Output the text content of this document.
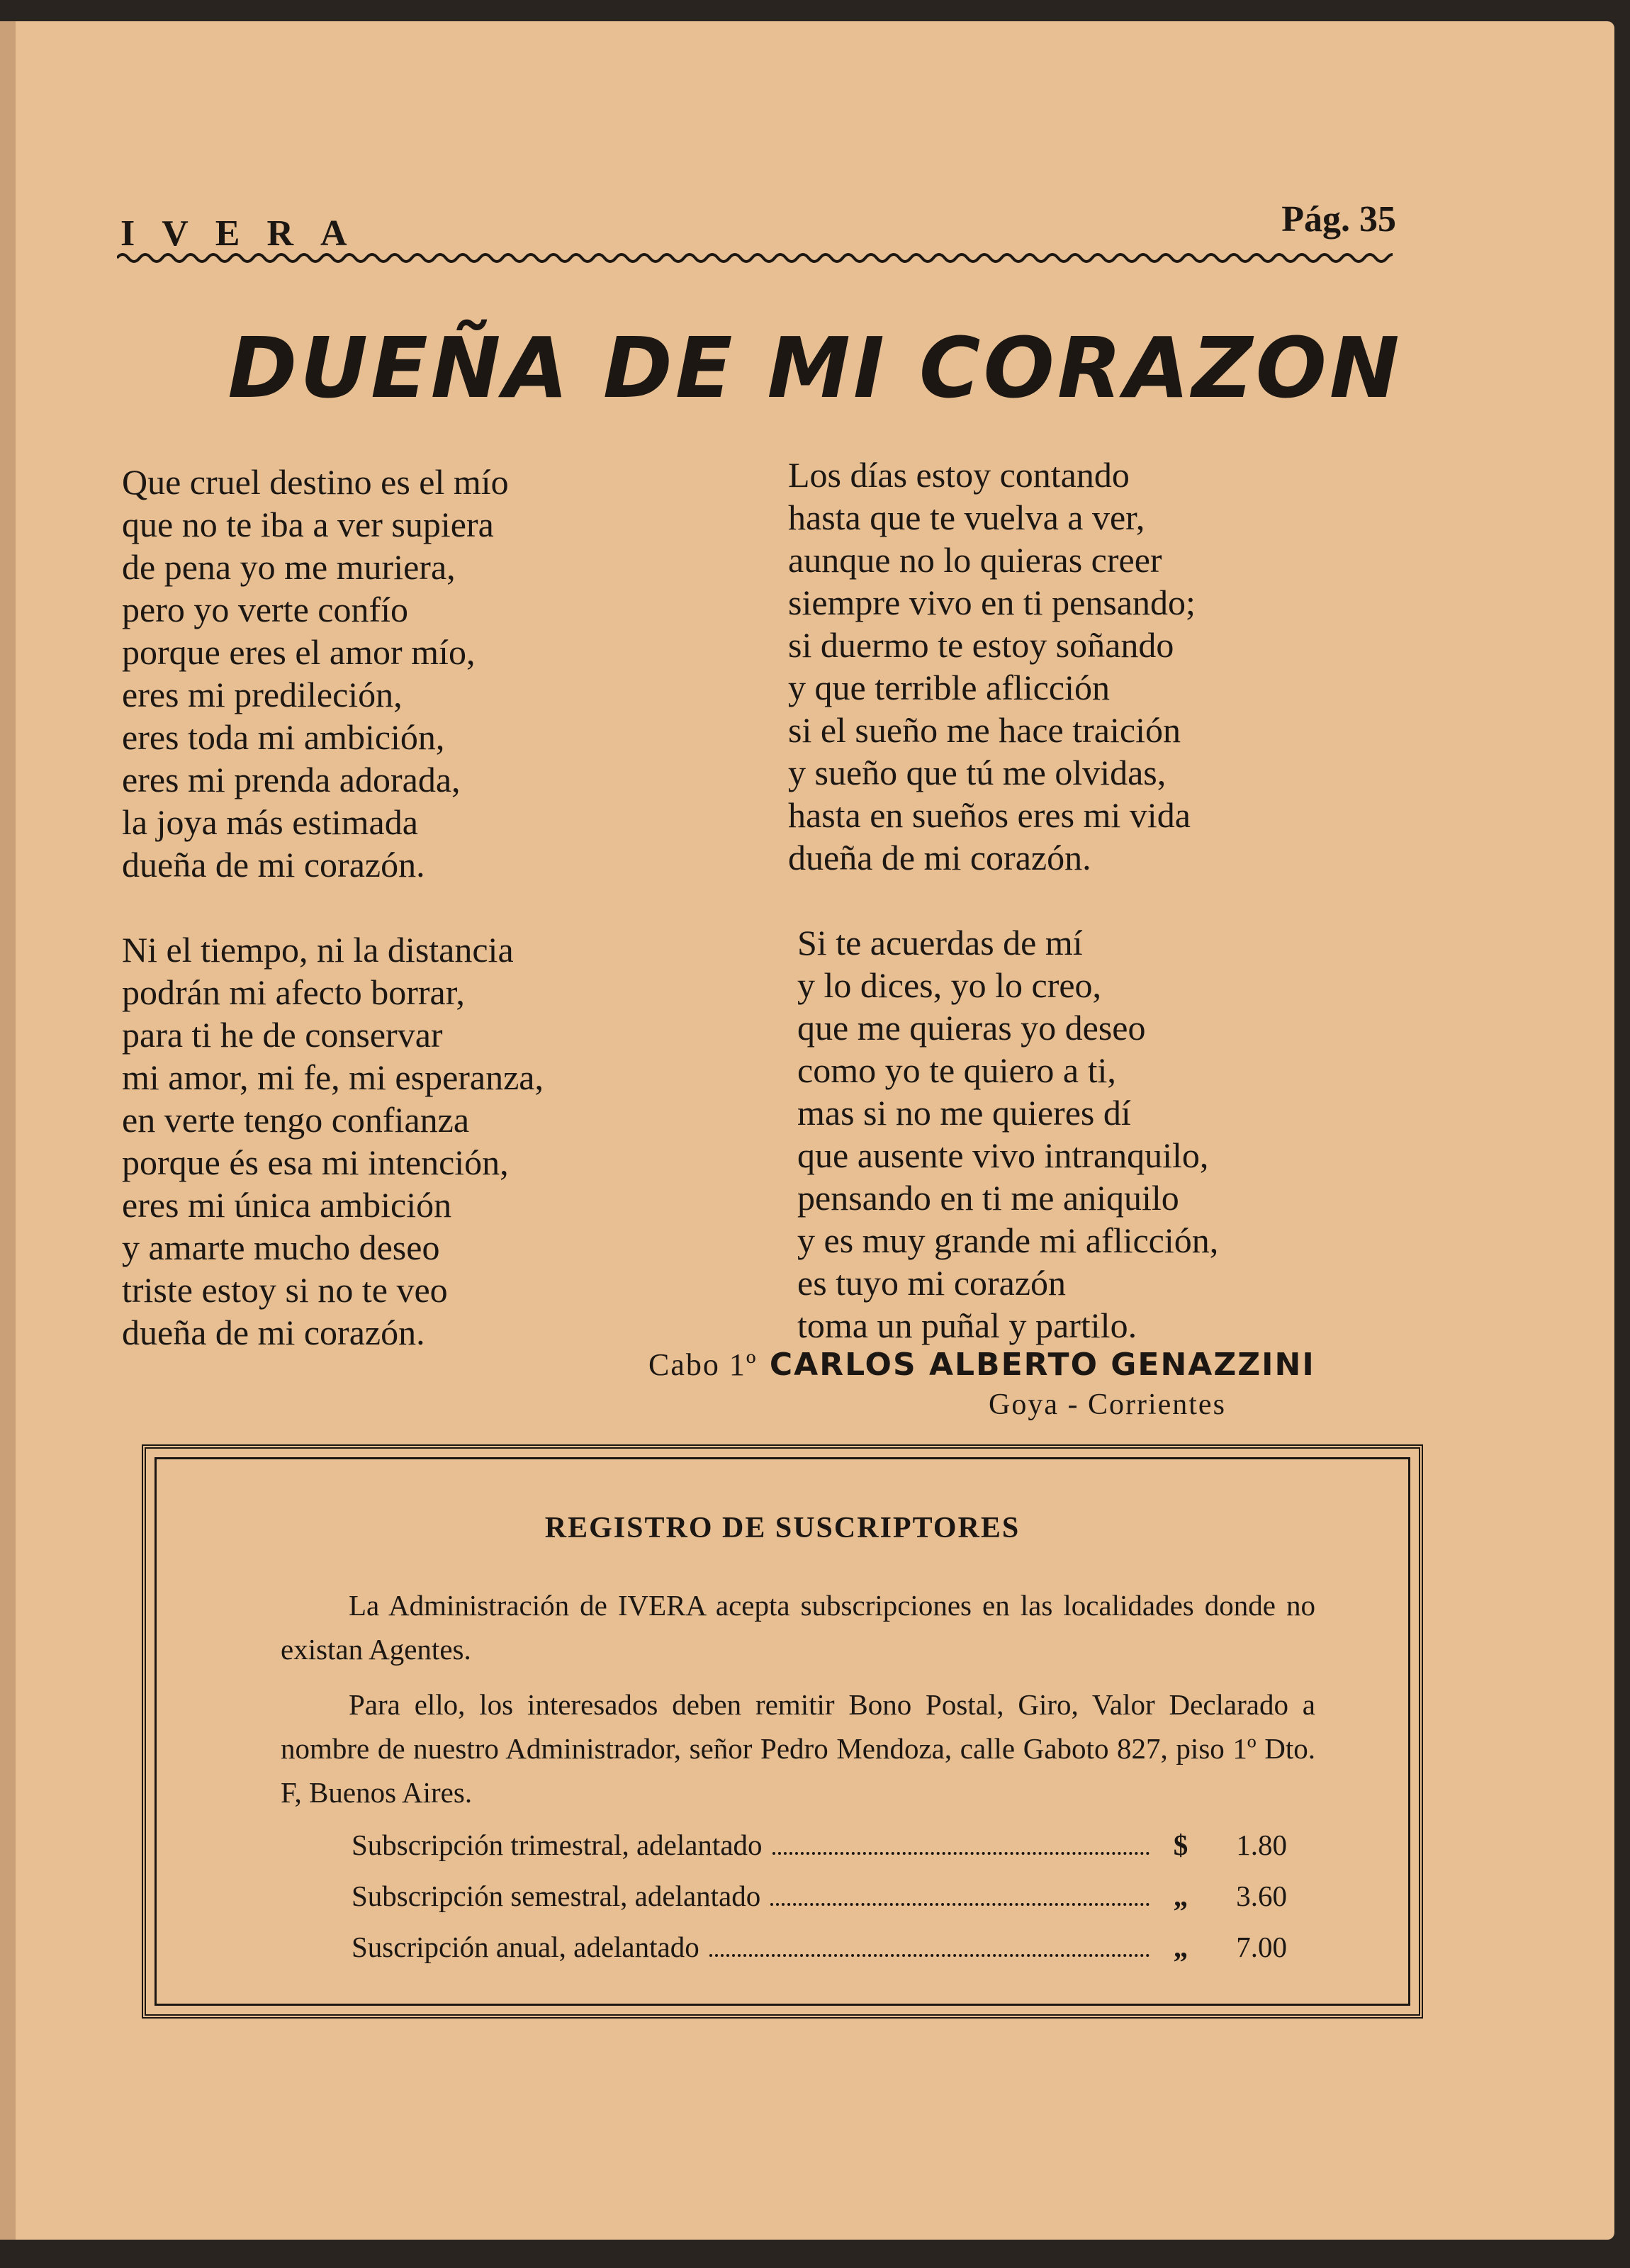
IVERA	Pág. 35
DUEÑA DE MI CORAZON
Que cruel destino es el mío
que no te iba a ver supiera
de pena yo me muriera,
pero yo verte confío
porque eres el amor mío,
eres mi predileción,
eres toda mi ambición,
eres mi prenda adorada,
la joya más estimada
dueña de mi corazón.
Ni el tiempo, ni la distancia
podrán mi afecto borrar,
para ti he de conservar
mi amor, mi fe, mi esperanza,
en verte tengo confianza
porque és esa mi intención,
eres mi única ambición
y amarte mucho deseo
triste estoy si no te veo
dueña de mi corazón.
Los días estoy contando
hasta que te vuelva a ver,
aunque no lo quieras creer
siempre vivo en ti pensando;
si duermo te estoy soñando
y que terrible aflicción
si el sueño me hace traición
y sueño que tú me olvidas,
hasta en sueños eres mi vida
dueña de mi corazón.
Si te acuerdas de mí
y lo dices, yo lo creo,
que me quieras yo deseo
como yo te quiero a ti,
mas si no me quieres dí
que ausente vivo intranquilo,
pensando en ti me aniquilo
y es muy grande mi aflicción,
es tuyo mi corazón
toma un puñal y partilo.
Cabo 1º CARLOS ALBERTO GENAZZINI
Goya - Corrientes
REGISTRO DE SUSCRIPTORES
La Administración de IVERA acepta subscripciones en las localidades donde no existan Agentes.
Para ello, los interesados deben remitir Bono Postal, Giro, Valor Declarado a nombre de nuestro Administrador, señor Pedro Mendoza, calle Gaboto 827, piso 1º Dto. F, Buenos Aires.
Subscripción trimestral, adelantado	$	1.80
Subscripción semestral, adelantado	„	3.60
Suscripción anual, adelantado	„	7.00
